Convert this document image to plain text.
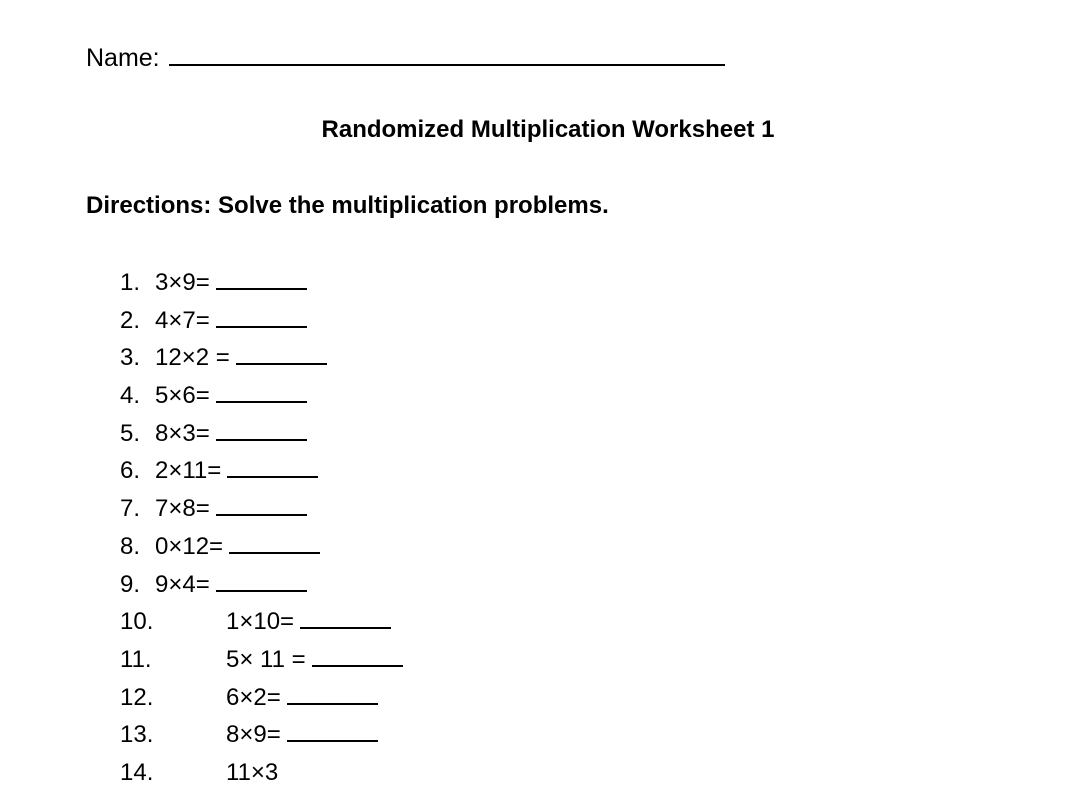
Name:
Randomized Multiplication Worksheet 1
Directions: Solve the multiplication problems.
1. 3×9=
2. 4×7=
3. 12×2 =
4. 5×6=
5. 8×3=
6. 2×11=
7. 7×8=
8. 0×12=
9. 9×4=
10.	1×10=
11.	5× 11 =
12.	6×2=
13.	8×9=
14.	11×3
